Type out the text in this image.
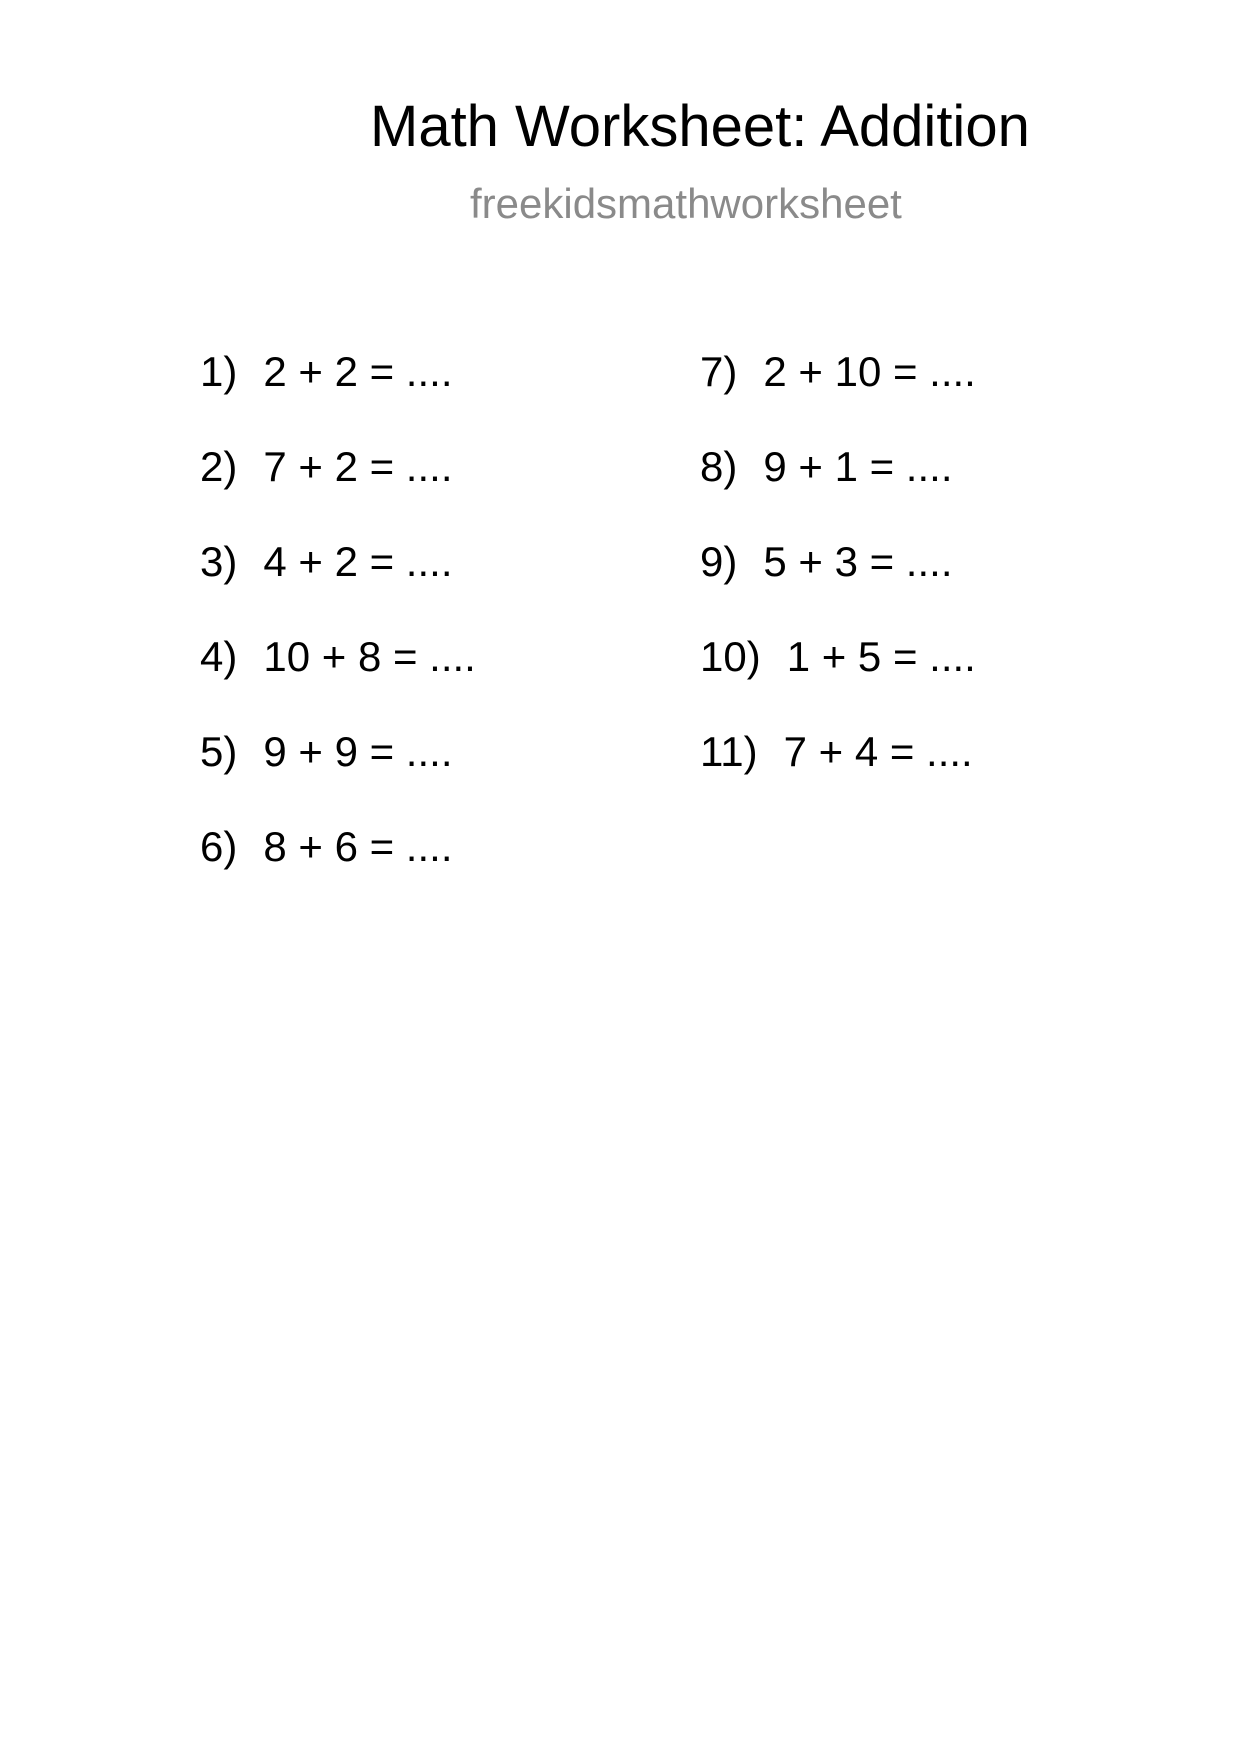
Math Worksheet: Addition
freekidsmathworksheet
1) 2 + 2 = ....
2) 7 + 2 = ....
3) 4 + 2 = ....
4) 10 + 8 = ....
5) 9 + 9 = ....
6) 8 + 6 = ....
7) 2 + 10 = ....
8) 9 + 1 = ....
9) 5 + 3 = ....
10) 1 + 5 = ....
11) 7 + 4 = ....
